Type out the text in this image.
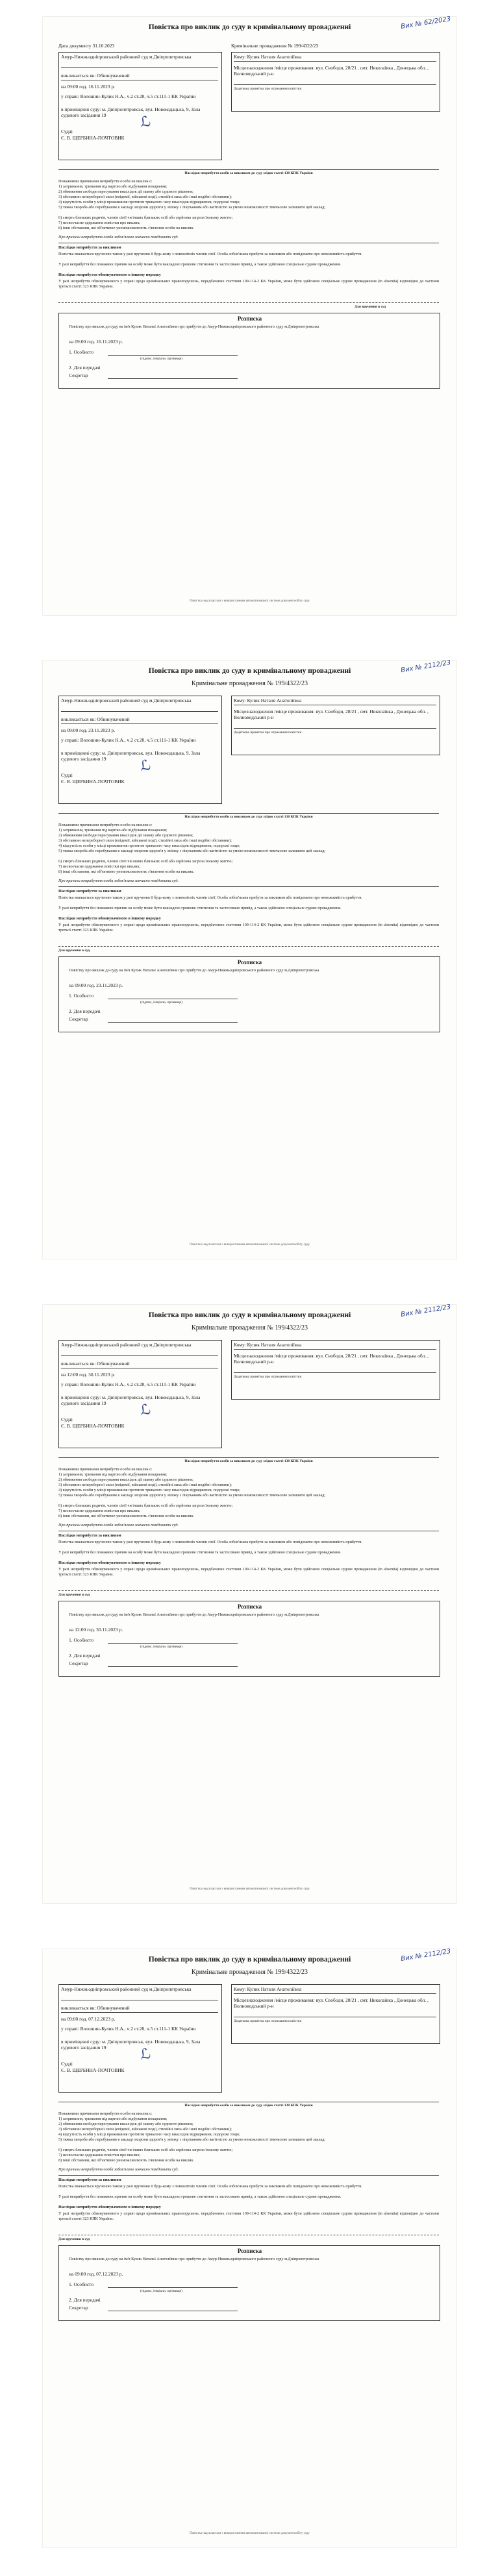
Повістка про виклик до суду в кримінальному провадженні	Вих № 62/2023
Дата документу 31.10.2023	Кримінальне провадження № 199/4322/23
Амур-Нижньодніпровський районний суд м.Дніпропетровська
викликається як: Обвинувачений
на 09:00 год. 16.11.2023 р.
у справі: Волошин-Кулик Н.А., ч.2 ст.28, ч.5 ст.111-1 КК України
в приміщенні суду: м. Дніпропетровськ, вул. Новокодацька, 9, Зала судового засідання 19
Судді
Є. В. ЩЕРБИНА-ПОЧТОВИК
ℒ
Кому: Кулик Наталя Анатоліївна
Місцезнаходження /місце проживання: вул. Свободи, 28/21 , смт. Николаївка , Донецька обл. , Волноводський р-н
Додаткова примітка про отримання повістки
Наслідки неприбуття особи за викликом до суду згідно статті 138 КПК України
Поважними причинами неприбуття особи на виклик є:
1) затримання, тримання під вартою або відбування покарання;
2) обмеження свободи пересування внаслідок дії закону або судового рішення;
3) обставини непереборної сили (епідемії, військові події, стихійні лиха або інші подібні обставини);
4) відсутність особи у місці проживання протягом тривалого часу внаслідок відрядження, подорожі тощо;
5) тяжка хвороба або перебування в закладі охорони здоров'я у зв'язку з лікуванням або вагітністю за умови неможливості тимчасово залишити цей заклад;
6) смерть близьких родичів, членів сім'ї чи інших близьких осіб або серйозна загроза їхньому життю;
7) несвоєчасне одержання повістки про виклик;
8) інші обставини, які об'єктивно унеможливлюють з'явлення особи на виклик.
Про причини неприбуття особа зобов'язана завчасно повідомити суд.
Наслідки неприбуття за викликом
Повістка вважається врученою також у разі вручення її будь-кому з повнолітніх членів сім'ї. Особа зобов'язана прибути за викликом або повідомити про неможливість прибуття.
У разі неприбуття без поважних причин на особу може бути накладено грошове стягнення та застосовано привід, а також здійснено спеціальне судове провадження.
Наслідки неприбуття обвинуваченого в іншому порядку
У разі неприбуття обвинуваченого у справі щодо кримінальних правопорушень, передбачених статтями 109-114-2 КК України, може бути здійснено спеціальне судове провадження (in absentia) відповідно до частини третьої статті 323 КПК України.
Для вручення в суд
Розписка
Повістку про виклик до суду на ім'я Кулик Натальї Анатоліївни про прибуття до Амур-Нижньодніпровського районного суду м.Дніпропетровська
на 09:00 год. 16.11.2023 р.
1. Особисто
(підпис, ініціали, прізвище)
2. Для передачі
Секретар
Повістка надсилається з використанням автоматизованої системи документообігу суду
Повістка про виклик до суду в кримінальному провадженні	Вих № 2112/23
Кримінальне провадження № 199/4322/23
Амур-Нижньодніпровський районний суд м.Дніпропетровська
викликається як: Обвинувачений
на 09:00 год. 23.11.2023 р.
у справі: Волошин-Кулик Н.А., ч.2 ст.28, ч.5 ст.111-1 КК України
в приміщенні суду: м. Дніпропетровськ, вул. Новокодацька, 9, Зала судового засідання 19
Судді
Є. В. ЩЕРБИНА-ПОЧТОВИК
ℒ
Кому: Кулик Наталя Анатоліївна
Місцезнаходження /місце проживання: вул. Свободи, 28/21 , смт. Николаївка , Донецька обл. , Волноводський р-н
Додаткова примітка про отримання повістки
Наслідки неприбуття особи за викликом до суду згідно статті 138 КПК України
Поважними причинами неприбуття особи на виклик є:
1) затримання, тримання під вартою або відбування покарання;
2) обмеження свободи пересування внаслідок дії закону або судового рішення;
3) обставини непереборної сили (епідемії, військові події, стихійні лиха або інші подібні обставини);
4) відсутність особи у місці проживання протягом тривалого часу внаслідок відрядження, подорожі тощо;
5) тяжка хвороба або перебування в закладі охорони здоров'я у зв'язку з лікуванням або вагітністю за умови неможливості тимчасово залишити цей заклад;
6) смерть близьких родичів, членів сім'ї чи інших близьких осіб або серйозна загроза їхньому життю;
7) несвоєчасне одержання повістки про виклик;
8) інші обставини, які об'єктивно унеможливлюють з'явлення особи на виклик.
Про причини неприбуття особа зобов'язана завчасно повідомити суд.
Наслідки неприбуття за викликом
Повістка вважається врученою також у разі вручення її будь-кому з повнолітніх членів сім'ї. Особа зобов'язана прибути за викликом або повідомити про неможливість прибуття.
У разі неприбуття без поважних причин на особу може бути накладено грошове стягнення та застосовано привід, а також здійснено спеціальне судове провадження.
Наслідки неприбуття обвинуваченого в іншому порядку
У разі неприбуття обвинуваченого у справі щодо кримінальних правопорушень, передбачених статтями 109-114-2 КК України, може бути здійснено спеціальне судове провадження (in absentia) відповідно до частини третьої статті 323 КПК України.
Для вручення в суд
Розписка
Повістку про виклик до суду на ім'я Кулик Натальї Анатоліївни про прибуття до Амур-Нижньодніпровського районного суду м.Дніпропетровська
на 09:00 год. 23.11.2023 р.
1. Особисто
(підпис, ініціали, прізвище)
2. Для передачі
Секретар
Повістка надсилається з використанням автоматизованої системи документообігу суду
Повістка про виклик до суду в кримінальному провадженні	Вих № 2112/23
Кримінальне провадження № 199/4322/23
Амур-Нижньодніпровський районний суд м.Дніпропетровська
викликається як: Обвинувачений
на 12:00 год. 30.11.2023 р.
у справі: Волошин-Кулик Н.А., ч.2 ст.28, ч.5 ст.111-1 КК України
в приміщенні суду: м. Дніпропетровськ, вул. Новокодацька, 9, Зала судового засідання 19
Судді
Є. В. ЩЕРБИНА-ПОЧТОВИК
ℒ
Кому: Кулик Наталя Анатоліївна
Місцезнаходження /місце проживання: вул. Свободи, 28/21 , смт. Николаївка , Донецька обл. , Волноводський р-н
Додаткова примітка про отримання повістки
Наслідки неприбуття особи за викликом до суду згідно статті 138 КПК України
Поважними причинами неприбуття особи на виклик є:
1) затримання, тримання під вартою або відбування покарання;
2) обмеження свободи пересування внаслідок дії закону або судового рішення;
3) обставини непереборної сили (епідемії, військові події, стихійні лиха або інші подібні обставини);
4) відсутність особи у місці проживання протягом тривалого часу внаслідок відрядження, подорожі тощо;
5) тяжка хвороба або перебування в закладі охорони здоров'я у зв'язку з лікуванням або вагітністю за умови неможливості тимчасово залишити цей заклад;
6) смерть близьких родичів, членів сім'ї чи інших близьких осіб або серйозна загроза їхньому життю;
7) несвоєчасне одержання повістки про виклик;
8) інші обставини, які об'єктивно унеможливлюють з'явлення особи на виклик.
Про причини неприбуття особа зобов'язана завчасно повідомити суд.
Наслідки неприбуття за викликом
Повістка вважається врученою також у разі вручення її будь-кому з повнолітніх членів сім'ї. Особа зобов'язана прибути за викликом або повідомити про неможливість прибуття.
У разі неприбуття без поважних причин на особу може бути накладено грошове стягнення та застосовано привід, а також здійснено спеціальне судове провадження.
Наслідки неприбуття обвинуваченого в іншому порядку
У разі неприбуття обвинуваченого у справі щодо кримінальних правопорушень, передбачених статтями 109-114-2 КК України, може бути здійснено спеціальне судове провадження (in absentia) відповідно до частини третьої статті 323 КПК України.
Для вручення в суд
Розписка
Повістку про виклик до суду на ім'я Кулик Натальї Анатоліївни про прибуття до Амур-Нижньодніпровського районного суду м.Дніпропетровська
на 12:00 год. 30.11.2023 р.
1. Особисто
(підпис, ініціали, прізвище)
2. Для передачі
Секретар
Повістка надсилається з використанням автоматизованої системи документообігу суду
Повістка про виклик до суду в кримінальному провадженні	Вих № 2112/23
Кримінальне провадження № 199/4322/23
Амур-Нижньодніпровський районний суд м.Дніпропетровська
викликається як: Обвинувачений
на 09:00 год. 07.12.2023 р.
у справі: Волошин-Кулик Н.А., ч.2 ст.28, ч.5 ст.111-1 КК України
в приміщенні суду: м. Дніпропетровськ, вул. Новокодацька, 9, Зала судового засідання 19
Судді
Є. В. ЩЕРБИНА-ПОЧТОВИК
ℒ
Кому: Кулик Наталя Анатоліївна
Місцезнаходження /місце проживання: вул. Свободи, 28/21 , смт. Николаївка , Донецька обл. , Волноводський р-н
Додаткова примітка про отримання повістки
Наслідки неприбуття особи за викликом до суду згідно статті 138 КПК України
Поважними причинами неприбуття особи на виклик є:
1) затримання, тримання під вартою або відбування покарання;
2) обмеження свободи пересування внаслідок дії закону або судового рішення;
3) обставини непереборної сили (епідемії, військові події, стихійні лиха або інші подібні обставини);
4) відсутність особи у місці проживання протягом тривалого часу внаслідок відрядження, подорожі тощо;
5) тяжка хвороба або перебування в закладі охорони здоров'я у зв'язку з лікуванням або вагітністю за умови неможливості тимчасово залишити цей заклад;
6) смерть близьких родичів, членів сім'ї чи інших близьких осіб або серйозна загроза їхньому життю;
7) несвоєчасне одержання повістки про виклик;
8) інші обставини, які об'єктивно унеможливлюють з'явлення особи на виклик.
Про причини неприбуття особа зобов'язана завчасно повідомити суд.
Наслідки неприбуття за викликом
Повістка вважається врученою також у разі вручення її будь-кому з повнолітніх членів сім'ї. Особа зобов'язана прибути за викликом або повідомити про неможливість прибуття.
У разі неприбуття без поважних причин на особу може бути накладено грошове стягнення та застосовано привід, а також здійснено спеціальне судове провадження.
Наслідки неприбуття обвинуваченого в іншому порядку
У разі неприбуття обвинуваченого у справі щодо кримінальних правопорушень, передбачених статтями 109-114-2 КК України, може бути здійснено спеціальне судове провадження (in absentia) відповідно до частини третьої статті 323 КПК України.
Для вручення в суд
Розписка
Повістку про виклик до суду на ім'я Кулик Натальї Анатоліївни про прибуття до Амур-Нижньодніпровського районного суду м.Дніпропетровська
на 09:00 год. 07.12.2023 р.
1. Особисто
(підпис, ініціали, прізвище)
2. Для передачі
Секретар
Повістка надсилається з використанням автоматизованої системи документообігу суду
